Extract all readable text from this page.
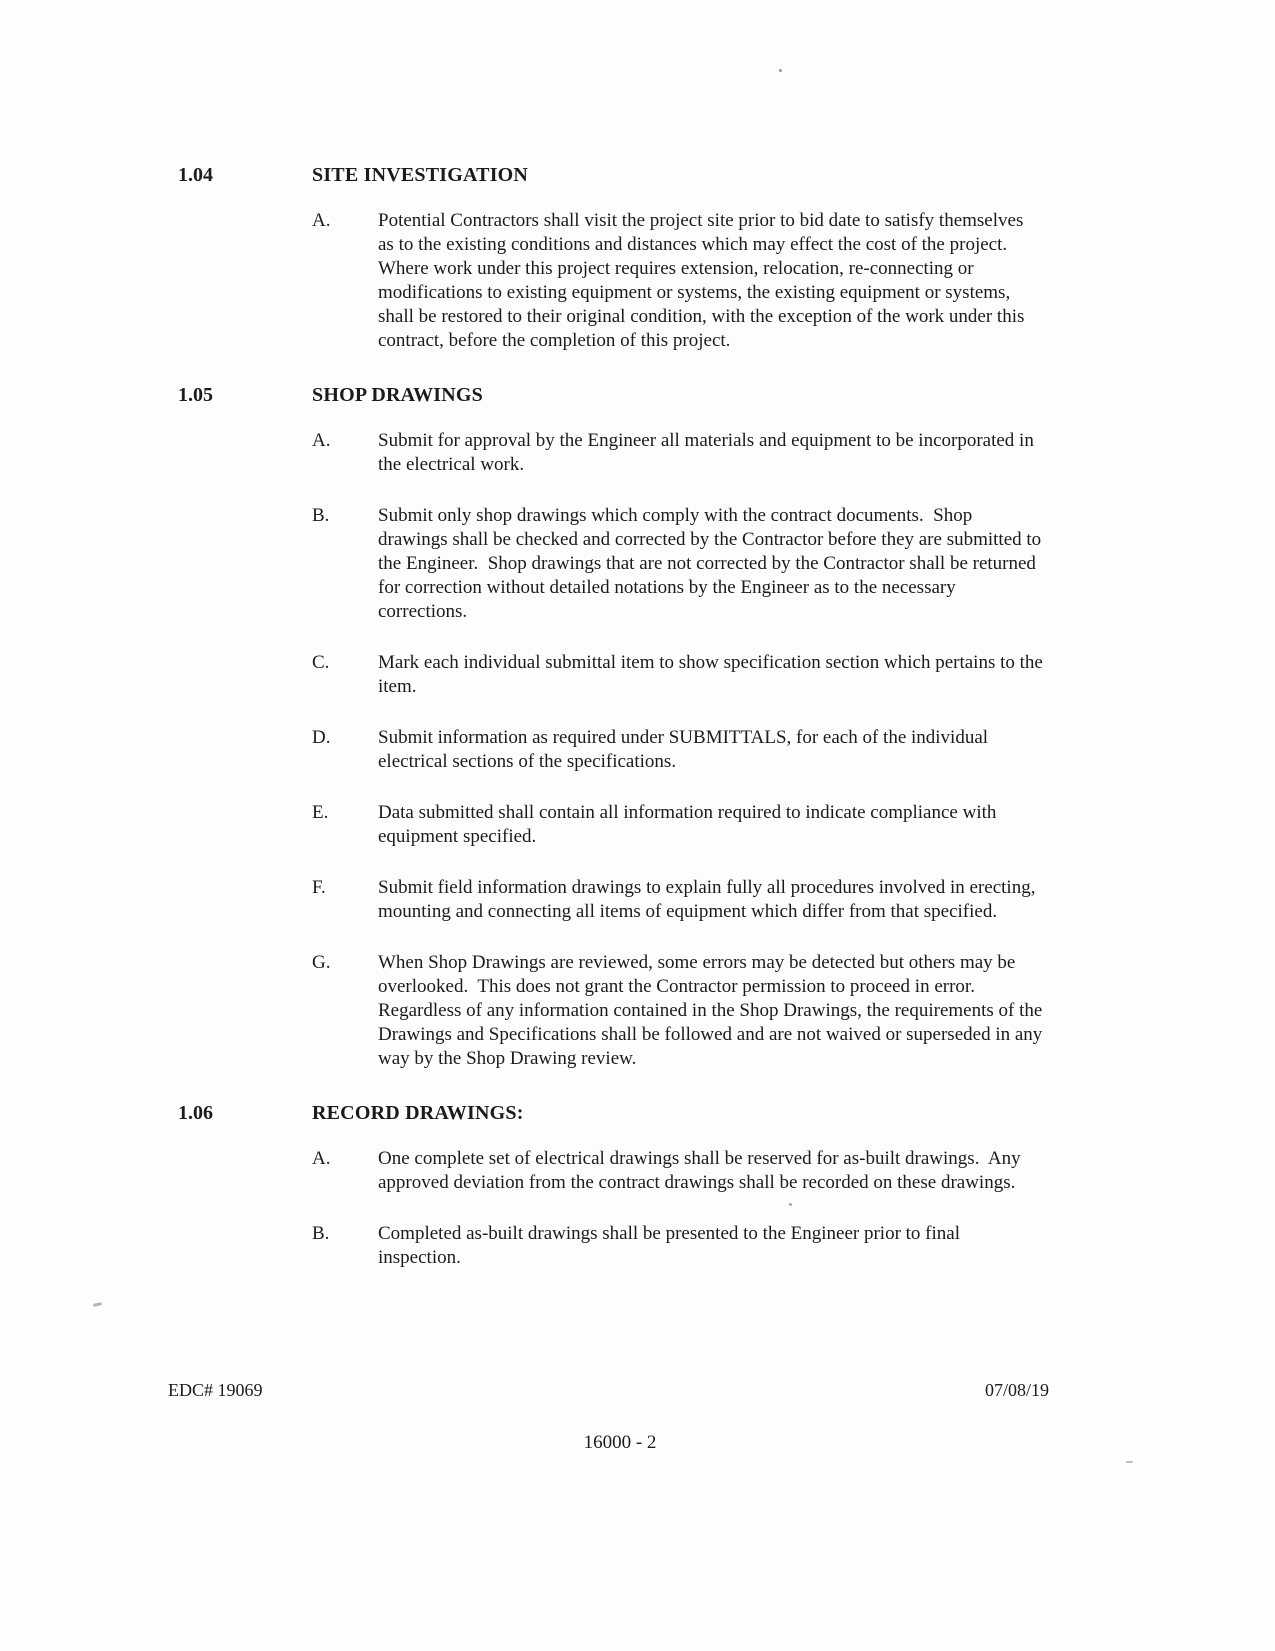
1.04	SITE INVESTIGATION
A.	Potential Contractors shall visit the project site prior to bid date to satisfy themselves as to the existing conditions and distances which may effect the cost of the project.  Where work under this project requires extension, relocation, re-connecting or modifications to existing equipment or systems, the existing equipment or systems, shall be restored to their original condition, with the exception of the work under this contract, before the completion of this project.

1.05	SHOP DRAWINGS
A.	Submit for approval by the Engineer all materials and equipment to be incorporated in the electrical work.

B.	Submit only shop drawings which comply with the contract documents.  Shop drawings shall be checked and corrected by the Contractor before they are submitted to the Engineer.  Shop drawings that are not corrected by the Contractor shall be returned for correction without detailed notations by the Engineer as to the necessary corrections.

C.	Mark each individual submittal item to show specification section which pertains to the item.

D.	Submit information as required under SUBMITTALS, for each of the individual electrical sections of the specifications.

E.	Data submitted shall contain all information required to indicate compliance with equipment specified.

F.	Submit field information drawings to explain fully all procedures involved in erecting, mounting and connecting all items of equipment which differ from that specified.

G.	When Shop Drawings are reviewed, some errors may be detected but others may be overlooked.  This does not grant the Contractor permission to proceed in error.  Regardless of any information contained in the Shop Drawings, the requirements of the Drawings and Specifications shall be followed and are not waived or superseded in any way by the Shop Drawing review.

1.06	RECORD DRAWINGS:
A.	One complete set of electrical drawings shall be reserved for as-built drawings.  Any approved deviation from the contract drawings shall be recorded on these drawings.

B.	Completed as-built drawings shall be presented to the Engineer prior to final inspection.

EDC# 19069	07/08/19
16000 - 2
